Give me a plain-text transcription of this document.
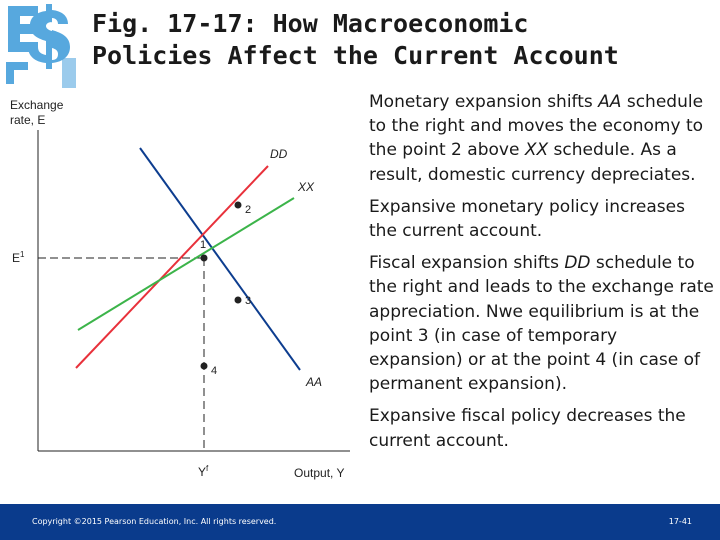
Fig. 17-17: How Macroeconomic
Policies Affect the Current Account
Exchange
rate, E
Output, Y
$E^1$
$Y^f$
DD
XX
AA
1
2
3
4

Monetary expansion shifts AA schedule to the right and moves the economy to the point 2 above XX schedule. As a result, domestic currency depreciates.

Expansive monetary policy increases the current account.

Fiscal expansion shifts DD schedule to the right and leads to the exchange rate appreciation. Nwe equilibrium is at the point 3 (in case of temporary expansion) or at the point 4 (in case of permanent expansion).

Expansive fiscal policy decreases the current account.

Copyright ©2015 Pearson Education, Inc. All rights reserved.	17-41
